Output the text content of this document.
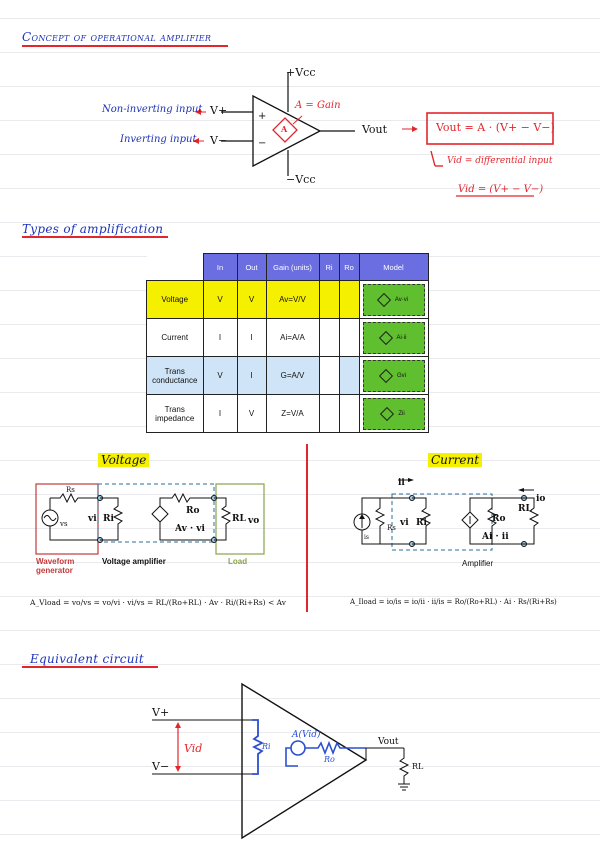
Concept of operational amplifier
+Vcc
−Vcc
Non-inverting input V+
Inverting input V−
+
−
A = Gain
A	Vout	Vout = A · (V+ − V−)
Vid = differential input
Vid = (V+ − V−)
Types of amplification
	In	Out	Gain (units)	Ri	Ro	Model
Voltage	V	V	Av=V/V			Av·vi

Current	I	I	Ai=A/A			Ai·ii

Trans conductance	V	I	G=A/V			Gvi

Trans impedance	I	V	Z=V/A			Zii
Voltage
Rs
vs vi Ri
Ro
Av · vi
RL vo
Waveform generator
Voltage amplifier	Load
A_Vload = vo/vs = vo/vi · vi/vs = RL/(Ro+RL) · Av · Ri/(Ri+Rs) < Av
Current
ii
io
is
Rs vi Ri	Ro
Ai · ii
RL
Amplifier
A_Iload = io/is = io/ii · ii/is = Ro/(Ro+RL) · Ai · Rs/(Ri+Rs)
Equivalent circuit
V+
V−
Vid	Ri
A(Vid)
Ro
Vout
RL
